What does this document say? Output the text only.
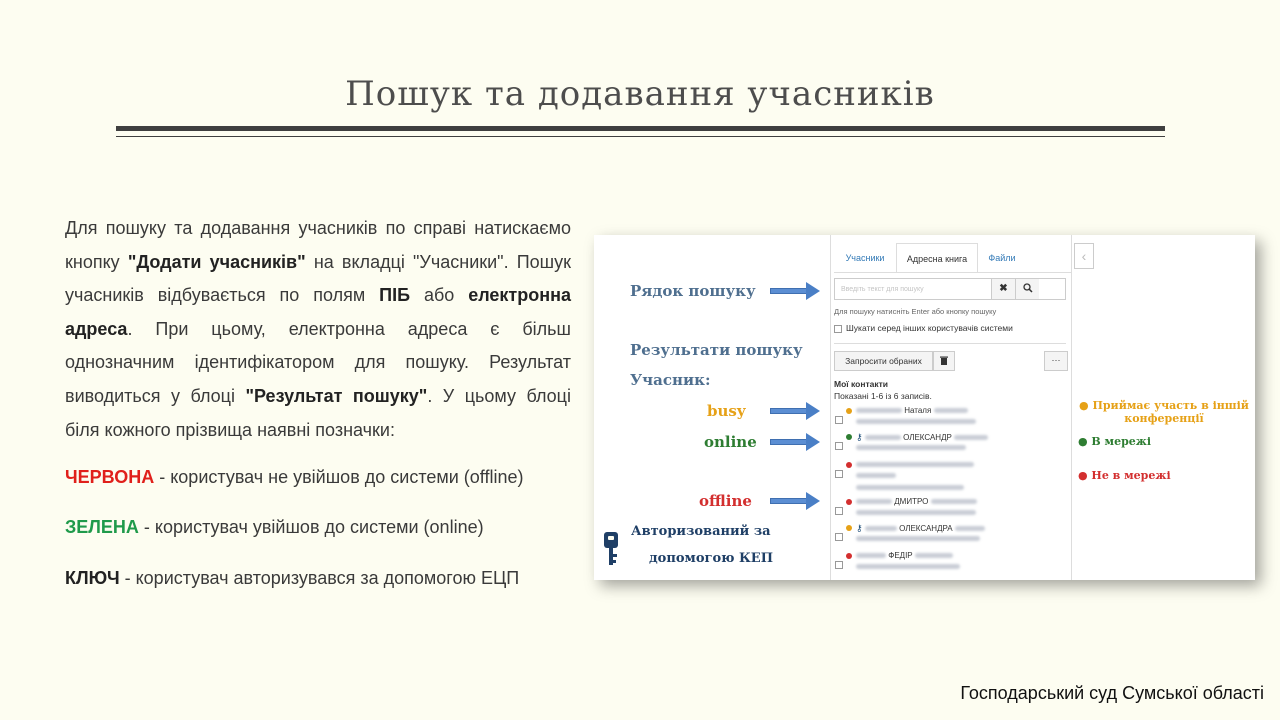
Пошук та додавання учасників

Для пошуку та додавання учасників по справі натискаємо кнопку "Додати учасників" на вкладці "Учасники". Пошук учасників відбувається по полям ПІБ або електронна адреса. При цьому, електронна адреса є більш однозначним ідентифікатором для пошуку. Результат виводиться у блоці "Результат пошуку". У цьому блоці біля кожного прізвища наявні позначки:

ЧЕРВОНА - користувач не увійшов до системи (offline)
ЗЕЛЕНА - користувач увійшов до системи (online)
КЛЮЧ - користувач авторизувався за допомогою ЕЦП
Учасники	Адресна книга	Файли	‹
Введіть текст для пошуку
✖
Для пошуку натисніть Enter або кнопку пошуку
Шукати серед інших користувачів системи
Запросити обраних	···
Мої контакти
Показані 1-6 із 6 записів.
Наталя
⚷	ОЛЕКСАНДР
ДМИТРО
⚷	ОЛЕКСАНДРА
ФЕДІР
Рядок пошуку
Результати пошуку
Учасник:
busy
online
offline
Авторизований за
допомогою КЕП
● Приймає участь в іншій конференції
● В мережі
● Не в мережі
Господарський суд Сумської області
